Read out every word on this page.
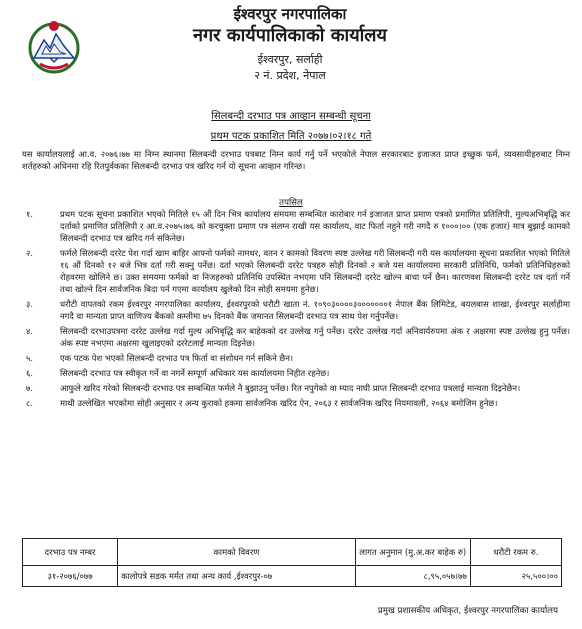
ईश्वरपुर नगरपालिका
नगर कार्यपालिकाको कार्यालय
ईश्वरपुर, सर्लाही
२ नं. प्रदेश, नेपाल
सिलबन्दी दरभाउ पत्र आव्हान सम्बन्धी सूचना
प्रथम पटक प्रकाशित मिति २०७७।०२।१८ गते
यस कार्यालयलाई आ.व. २०७६।७७ मा निम्न स्थानमा सिलबन्दी दरभाउ पत्रबाट निम्न कार्य गर्नु पर्ने भएकोले नेपाल सरकारबाट इजाजत प्राप्त इच्छुक फर्म, व्यवसायीहरुबाट निम्न शर्तहरुको अधिनमा रहि रितपुर्वकका सिलबन्दी दरभाउ पत्र खरिद गर्न यो सूचना आव्हान गरिन्छ।
तपसिल
१.	प्रथम पटक सूचना प्रकाशित भएको मितिले १५ औं दिन भित्र कार्यालय समयमा सम्बन्धित कारोबार गर्न इजाजत प्राप्त प्रमाण पत्रको प्रमाणित प्रतिलिपी, मुल्यअभिबृद्धि कर दर्ताको प्रमाणित प्रतिलिपी र आ.व.२०७५।७६ को करचुक्ता प्रमाण पत्र संलग्न राखी यस कार्यालय, वाट फिर्ता नहुने गरी नगदै रु १०००।०० (एक हजार) मात्र बुझाई कामको सिलबन्दी दरभाउ पत्र खरिद गर्न सकिनेछ।
२.	फर्मले सिलबन्दी दररेट पेश गर्दा खाम बाहिर आफ्नो फर्मको नामथर, वतन र कामको विवरण स्पष्ट उल्लेख गरी सिलबन्दी गरी यस कार्यालयमा सूचना प्रकाशित भएको मितिले १६ औं दिनको १२ बजे भित्र दर्ता गरी सक्नु पर्नेछ। दर्ता भएको सिलबन्दी दररेट पत्रहरु सोही दिनको २ बजे यस कार्यालयमा सरकारी प्रतिनिधि, फर्मको प्रतिनिधिहरुको रोहवरमा खोलिने छ। उक्त समयमा फर्मको वा निजहरुको प्रतिनिधि उपस्थित नभएमा पनि सिलबन्दी दररेट खोल्न बाधा पर्ने छैन। कारणवश सिलबन्दी दररेट पत्र दर्ता गर्ने तथा खोल्ने दिन सार्वजनिक बिदा पर्न गएमा कार्यालय खुलेको दिन सोही समयमा हुनेछ।
३.	धरौटी वापतको रकम ईश्वरपुर नगरपालिका कार्यालय, ईश्वरपुरको धरौटी खाता नं. १०९०३००००३०००००००१ नेपाल बैंक लिमिटेड, बयलबास शाखा, ईश्वरपुर सर्लाहीमा नगदै वा मान्यता प्राप्त वाणिज्य बैंकको कम्तीमा ७५ दिनको बैंक जमानत सिलबन्दी दरभाउ पत्र साथ पेश गर्नुपर्नेछ।
४.	सिलबन्दी दरभाउपत्रमा दररेट उल्लेख गर्दा मुल्य अभिबृद्धि कर बाहेकको दर उल्लेख गर्नु पर्नेछ। दररेट उल्लेख गर्दा अनिवार्यरुपमा अंक र अक्षरमा स्पष्ट उल्लेख हुनु पर्नेछ। अंक स्पष्ट नभएमा अक्षरमा खुलाइएको दररेटलाई मान्यता दिइनेछ।
५.	एक पटक पेश भएको सिलबन्दी दरभाउ पत्र फिर्ता वा संशोधन गर्न सकिने छैन।
६.	सिलबन्दी दरभाउ पत्र स्वीकृत गर्ने वा नगर्ने सम्पूर्ण अधिकार यस कार्यालयमा निहीत रहनेछ।
७.	आफुले खरिद गरेको सिलबन्दी दरभाउ पत्र सम्बन्धित फर्मले नै बुझाउनु पर्नेछ। रित नपुगेको वा म्याद नाघी प्राप्त सिलबन्दी दरभाउ पत्रलाई मान्यता दिइनेछैन।
८.	माथी उल्लेखित भएकोमा सोही अनुसार र अन्य कुराको हकमा सार्वजनिक खरिद ऐन, २०६३ र सार्वजनिक खरिद नियमावली, २०६४ बमोजिम हुनेछ।
दरभाउ पत्र नम्बर	कामको विवरण	लागत अनुमान (मु.अ.कर बाहेक रु)	धरौटी रकम रु.
३१-२०७६/०७७	कालोपत्रे सडक मर्मत तथा अन्य कार्य ,ईश्वरपुर-०७	८,९५,०५७।७७	२५,५००।००
प्रमुख प्रशासकीय अधिकृत, ईश्वरपुर नगरपालिका कार्यालय
